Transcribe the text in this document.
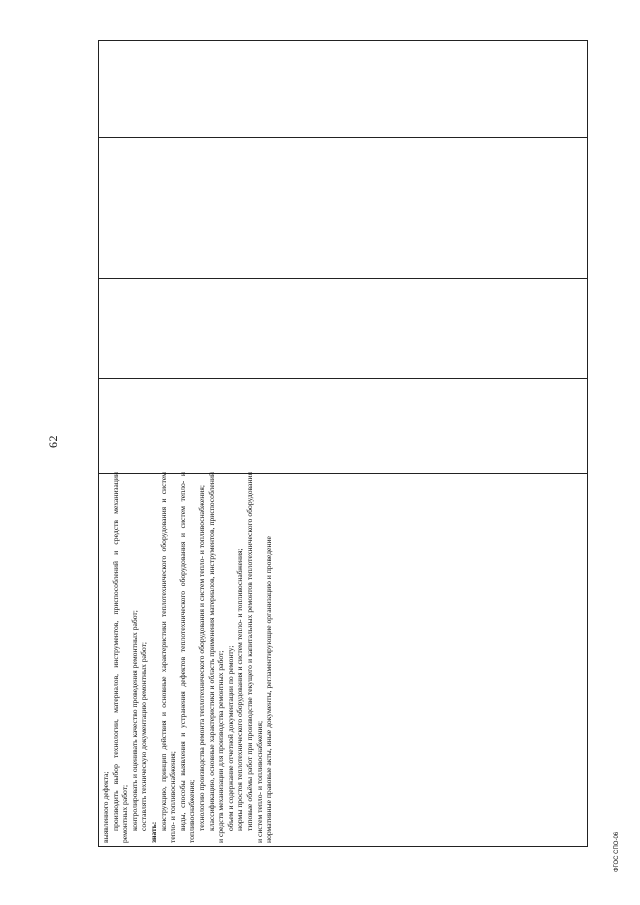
62

выявленного дефекта; производить выбор технологии, материалов, инструментов, приспособлений и средств механизации ремонтных работ; контролировать и оценивать качество проведения ремонтных работ; составлять техническую документацию ремонтных работ;

знать:

конструкцию, принцип действия и основные характеристики теплотехнического оборудования и систем тепло- и топливоснабжения; виды, способы выявления и устранения дефектов теплотехнического оборудования и систем тепло- и топливоснабжения; технологию производства ремонта теплотехнического оборудования и систем тепло- и топливоснабжения; классификацию, основные характеристики и область применения материалов, инструментов, приспособлений и средств механизации для производства ремонтных работ; объем и содержание отчетной документации по ремонту; нормы простоя теплотехнического оборудования и систем тепло- и топливоснабжения; типовые объёмы работ при производстве текущего и капитальных ремонтов теплотехнического оборудования и систем тепло- и топливоснабжения; нормативные правовые акты, иные документы, регламентирующие организацию и проведение

ФГОС СПО-06
